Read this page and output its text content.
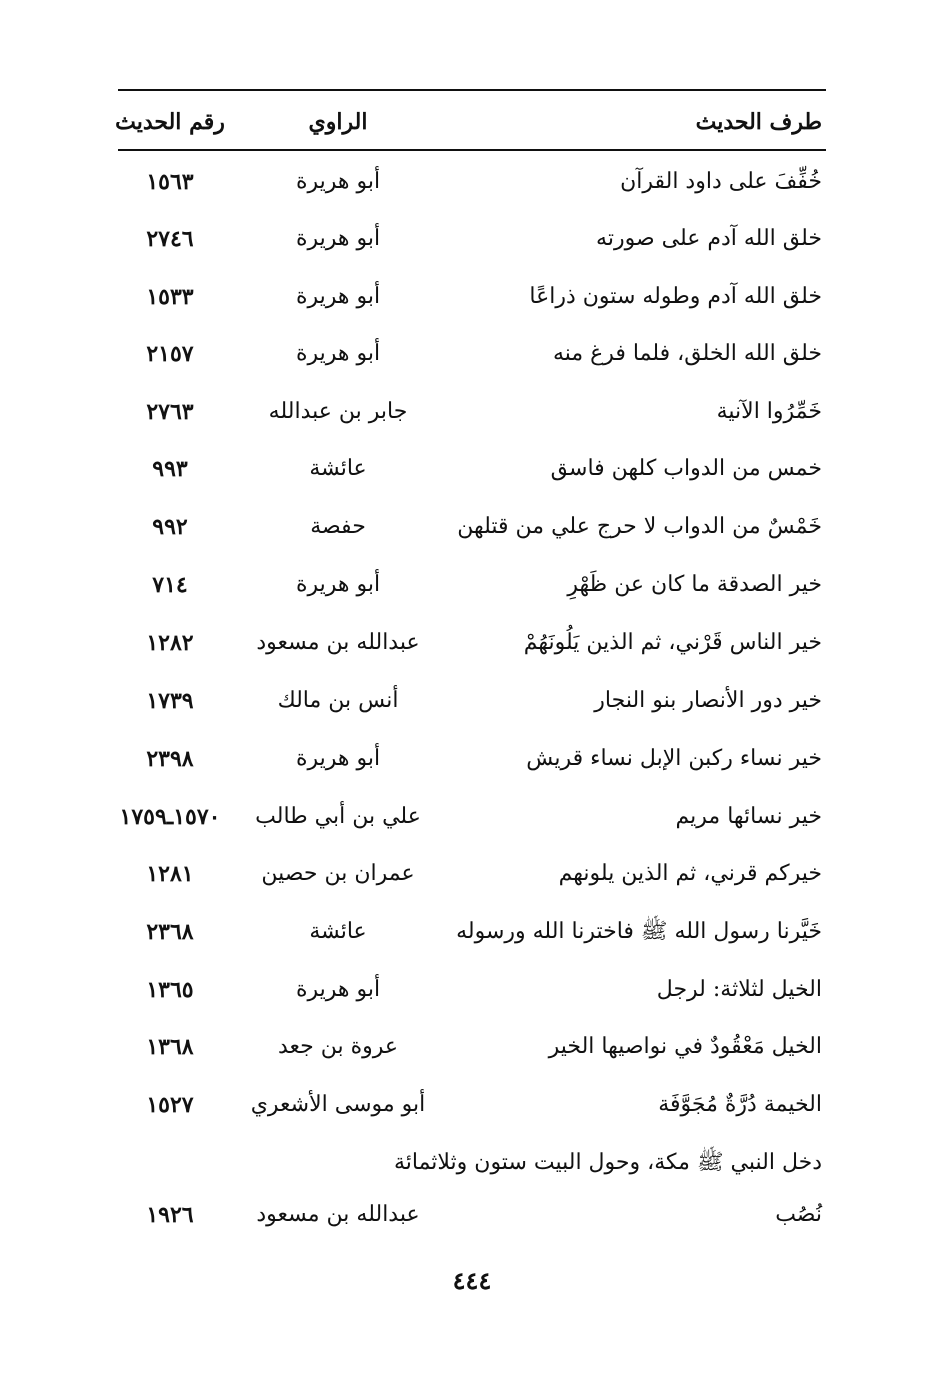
طرف الحديث
الراوي
رقم الحديث
خُفِّفَ على داود القرآن
أبو هريرة
١٥٦٣
خلق الله آدم على صورته
أبو هريرة
٢٧٤٦
خلق الله آدم وطوله ستون ذراعًا
أبو هريرة
١٥٣٣
خلق الله الخلق، فلما فرغ منه
أبو هريرة
٢١٥٧
خَمِّرُوا الآنية
جابر بن عبدالله
٢٧٦٣
خمس من الدواب كلهن فاسق
عائشة
٩٩٣
خَمْسٌ من الدواب لا حرج علي من قتلهن
حفصة
٩٩٢
خير الصدقة ما كان عن ظَهْرِ
أبو هريرة
٧١٤
خير الناس قَرْني، ثم الذين يَلُونَهُمْ
عبدالله بن مسعود
١٢٨٢
خير دور الأنصار بنو النجار
أنس بن مالك
١٧٣٩
خير نساء ركبن الإبل نساء قريش
أبو هريرة
٢٣٩٨
خير نسائها مريم
علي بن أبي طالب
١٥٧٠ـ١٧٥٩
خيركم قرني، ثم الذين يلونهم
عمران بن حصين
١٢٨١
خَيَّرنا رسول الله ﷺ فاخترنا الله ورسوله
عائشة
٢٣٦٨
الخيل لثلاثة: لرجل
أبو هريرة
١٣٦٥
الخيل مَعْقُودٌ في نواصيها الخير
عروة بن جعد
١٣٦٨
الخيمة دُرَّةٌ مُجَوَّفَة
أبو موسى الأشعري
١٥٢٧
دخل النبي ﷺ مكة، وحول البيت ستون وثلاثمائة
نُصُب
عبدالله بن مسعود
١٩٢٦
٤٤٤
